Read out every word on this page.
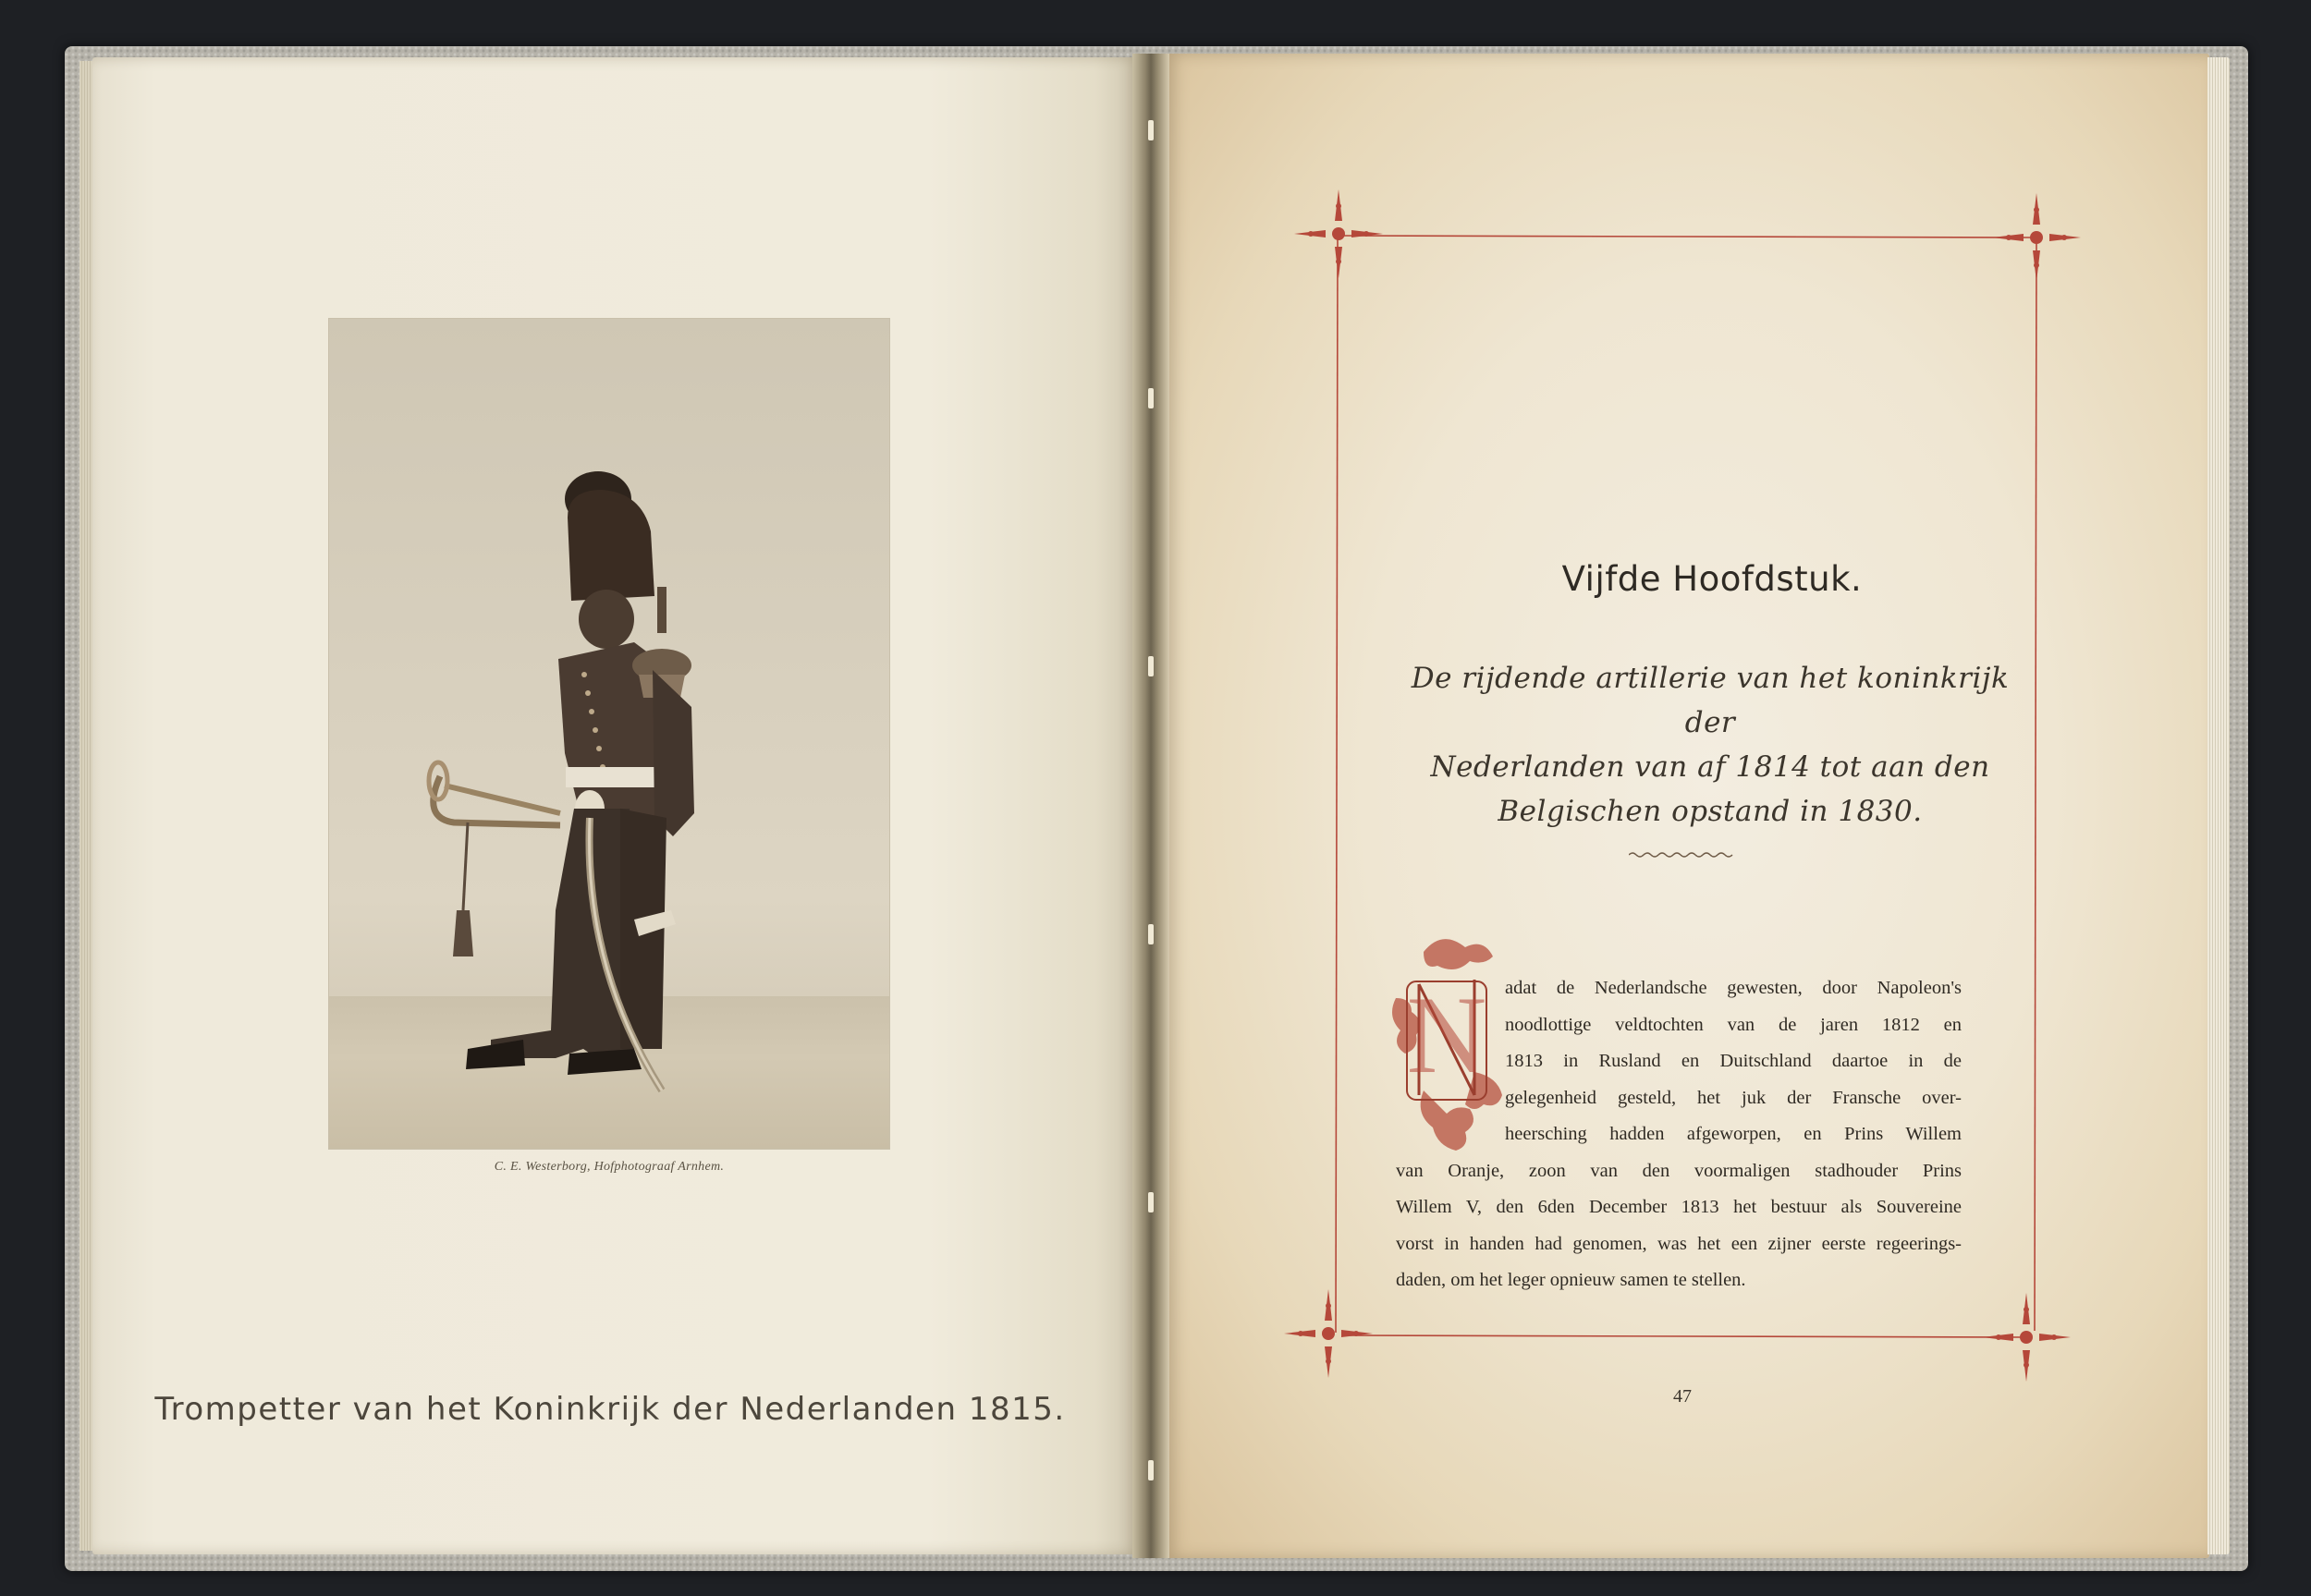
C. E. Westerborg, Hofphotograaf Arnhem.
Trompetter van het Koninkrijk der Nederlanden 1815.
Vijfde Hoofdstuk.
De rijdende artillerie van het koninkrijk der
Nederlanden van af 1814 tot aan den
Belgischen opstand in 1830.
N adat de Nederlandsche gewesten, door Napoleon's
noodlottige veldtochten van de jaren 1812 en
1813 in Rusland en Duitschland daartoe in de
gelegenheid gesteld, het juk der Fransche over-
heersching hadden afgeworpen, en Prins Willem
van Oranje, zoon van den voormaligen stadhouder Prins
Willem V, den 6den December 1813 het bestuur als Souvereine
vorst in handen had genomen, was het een zijner eerste regeerings-
daden, om het leger opnieuw samen te stellen.
47
